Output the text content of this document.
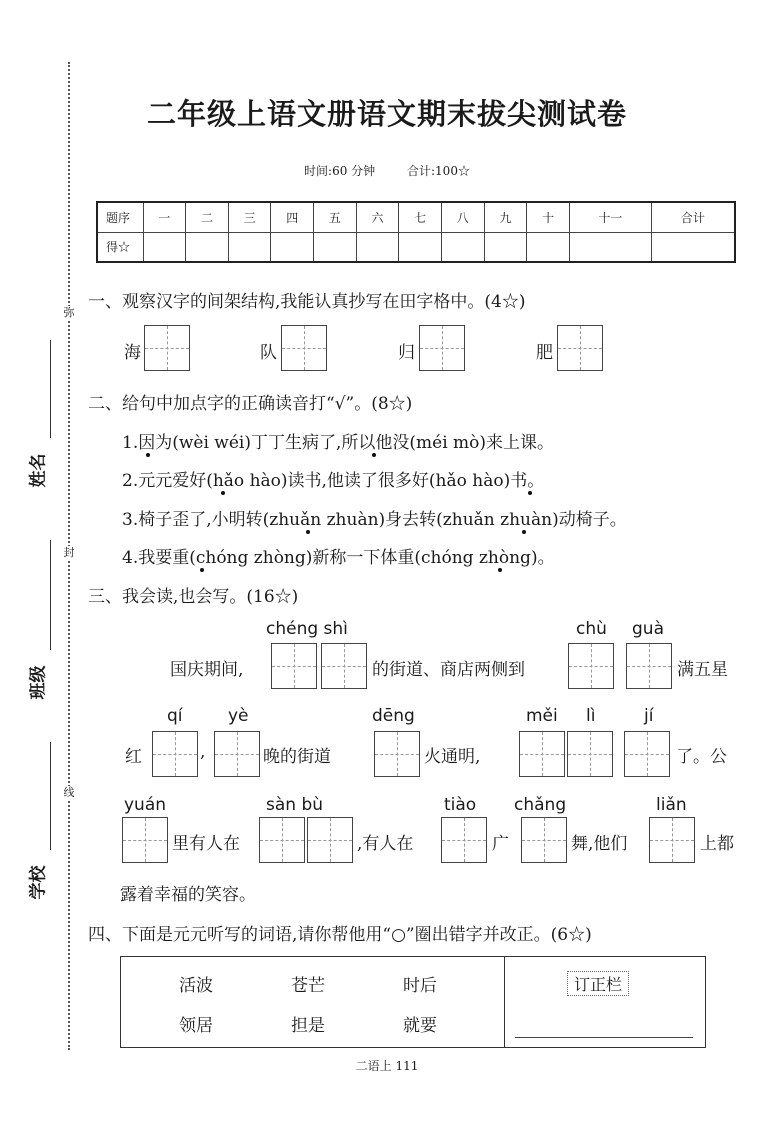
弥
封
线
姓名
班级
学校
二年级上语文册语文期末拔尖测试卷
时间:60 分钟	合计:100☆
题序	一	二	三	四	五	六	七	八	九	十	十一	合计
得☆												
一、观察汉字的间架结构,我能认真抄写在田字格中。(4☆)
海	队	归	肥
二、给句中加点字的正确读音打“√”。(8☆)
1.因为(wèi wéi)丁丁生病了,所以他没(méi mò)来上课。
2.元元爱好(hǎo hào)读书,他读了很多好(hǎo hào)书。
3.椅子歪了,小明转(zhuǎn zhuàn)身去转(zhuǎn zhuàn)动椅子。
4.我要重(chóng zhòng)新称一下体重(chóng zhòng)。
三、我会读,也会写。(16☆)
chéng shì	chù guà
国庆期间,	的街道、商店两侧到	满五星
qí	yè	dēng	měi lì	jí
红	,	晚的街道	火通明,	了。公
yuán	sàn bù	tiào chǎng	liǎn
里有人在	,有人在	广	舞,他们	上都
露着幸福的笑容。
四、下面是元元听写的词语,请你帮他用“○”圈出错字并改正。(6☆)
活波	苍芒	时后
领居	担是	就要
订正栏
二语上 111
